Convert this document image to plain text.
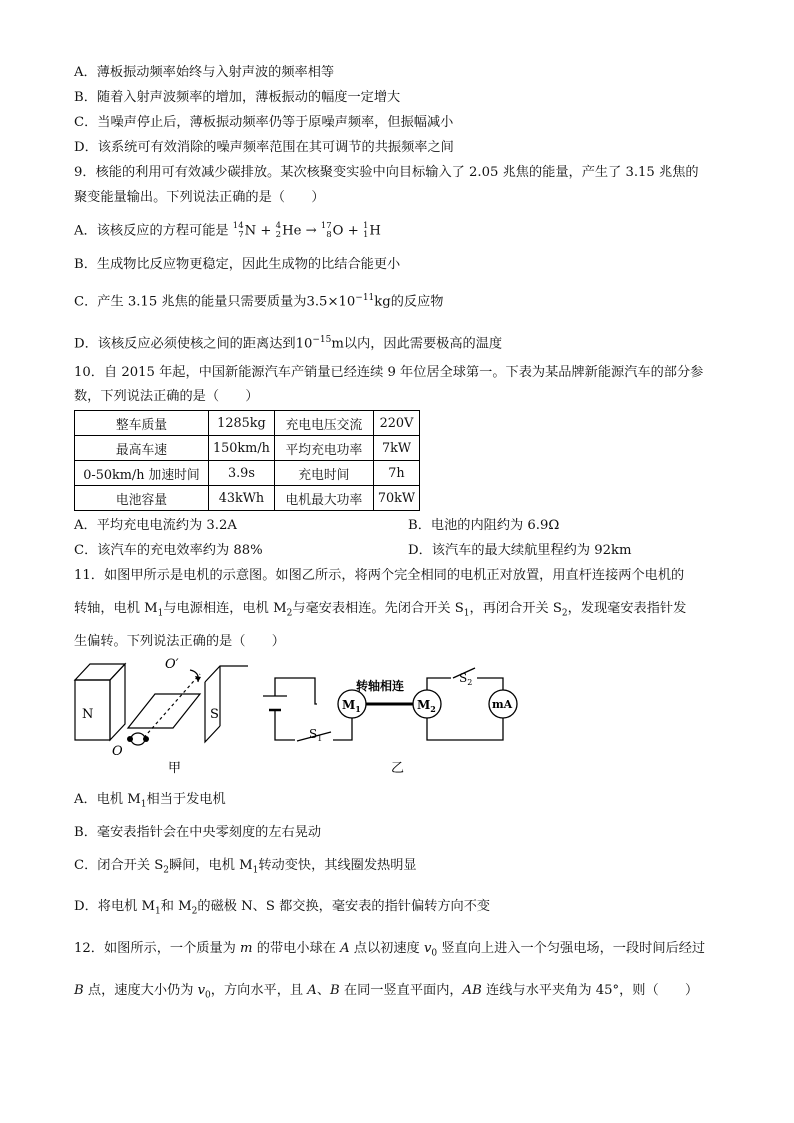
A．薄板振动频率始终与入射声波的频率相等
B．随着入射声波频率的增加，薄板振动的幅度一定增大
C．当噪声停止后，薄板振动频率仍等于原噪声频率，但振幅减小
D．该系统可有效消除的噪声频率范围在其可调节的共振频率之间
9．核能的利用可有效减少碳排放。某次核聚变实验中向目标输入了 2.05 兆焦的能量，产生了 3.15 兆焦的
聚变能量输出。下列说法正确的是（　　）
A．该核反应的方程可能是 14
7 N + 4
2 He → 17
8 O + 1
1 H
B．生成物比反应物更稳定，因此生成物的比结合能更小
C．产生 3.15 兆焦的能量只需要质量为$3.5\times 10^{-11}kg$的反应物
D．该核反应必须使核之间的距离达到$10^{-15}m$以内，因此需要极高的温度
10．自 2015 年起，中国新能源汽车产销量已经连续 9 年位居全球第一。下表为某品牌新能源汽车的部分参
数，下列说法正确的是（　　）
整车质量	1285kg	充电电压交流	220V
最高车速	150km/h	平均充电功率	7kW
0-50km/h 加速时间	3.9s	充电时间	7h
电池容量	43kWh	电机最大功率	70kW
A．平均充电电流约为 3.2A	B．电池的内阻约为 6.9Ω
C．该汽车的充电效率约为 88%	D．该汽车的最大续航里程约为 92km
11．如图甲所示是电机的示意图。如图乙所示，将两个完全相同的电机正对放置，用直杆连接两个电机的
转轴，电机 $M_1$与电源相连，电机 $M_2$与毫安表相连。先闭合开关 $S_1$，再闭合开关 $S_2$，发现毫安表指针发
生偏转。下列说法正确的是（　　）
N	S
O
O′
甲
转轴相连
$M_1$	$M_2$	mA
$S_2$
$S_1$
乙
A．电机 $M_1$相当于发电机
B．毫安表指针会在中央零刻度的左右晃动
C．闭合开关 $S_2$瞬间，电机 $M_1$转动变快，其线圈发热明显
D．将电机 $M_1$和 $M_2$的磁极 N、S 都交换，毫安表的指针偏转方向不变
12．如图所示，一个质量为 m 的带电小球在 A 点以初速度 $v_0$ 竖直向上进入一个匀强电场，一段时间后经过
B 点，速度大小仍为 $v_0$，方向水平，且 A、B 在同一竖直平面内，AB 连线与水平夹角为 45°，则（　　）
